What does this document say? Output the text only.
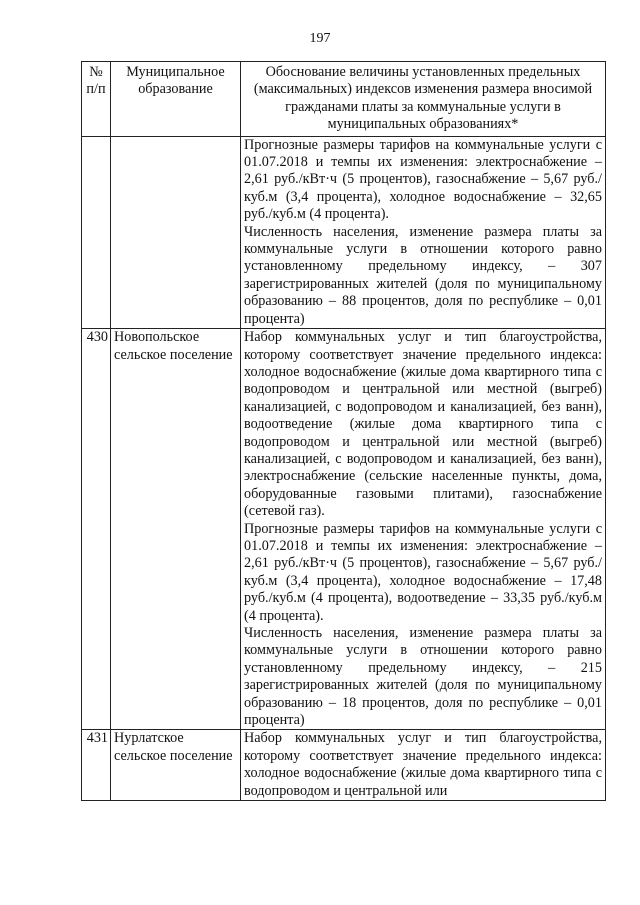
197
№ п/п	Муниципальное образование	Обоснование величины установленных предельных (максимальных) индексов изменения размера вносимой гражданами платы за коммунальные услуги в муниципальных образованиях*

		Прогнозные размеры тарифов на коммунальные услуги с 01.07.2018 и темпы их изменения: электроснабжение – 2,61 руб./кВт·ч (5 процентов), газоснабжение – 5,67 руб./куб.м (3,4 процента), холодное водоснабжение – 32,65 руб./куб.м (4 процента).

Численность населения, изменение размера платы за коммунальные услуги в отношении которого равно установленному предельному индексу, – 307 зарегистрированных жителей (доля по муниципальному образованию – 88 процентов, доля по республике – 0,01 процента)

430	Новопольское сельское поселение	Набор коммунальных услуг и тип благоустройства, которому соответствует значение предельного индекса: холодное водоснабжение (жилые дома квартирного типа с водопроводом и центральной или местной (выгреб) канализацией, с водопроводом и канализацией, без ванн), водоотведение (жилые дома квартирного типа с водопроводом и центральной или местной (выгреб) канализацией, с водопроводом и канализацией, без ванн), электроснабжение (сельские населенные пункты, дома, оборудованные газовыми плитами), газоснабжение (сетевой газ).

Прогнозные размеры тарифов на коммунальные услуги с 01.07.2018 и темпы их изменения: электроснабжение – 2,61 руб./кВт·ч (5 процентов), газоснабжение – 5,67 руб./куб.м (3,4 процента), холодное водоснабжение – 17,48 руб./куб.м (4 процента), водоотведение – 33,35 руб./куб.м (4 процента).

Численность населения, изменение размера платы за коммунальные услуги в отношении которого равно установленному предельному индексу, – 215 зарегистрированных жителей (доля по муниципальному образованию – 18 процентов, доля по республике – 0,01 процента)

431	Нурлатское сельское поселение	Набор коммунальных услуг и тип благоустройства, которому соответствует значение предельного индекса: холодное водоснабжение (жилые дома квартирного типа с водопроводом и центральной или
